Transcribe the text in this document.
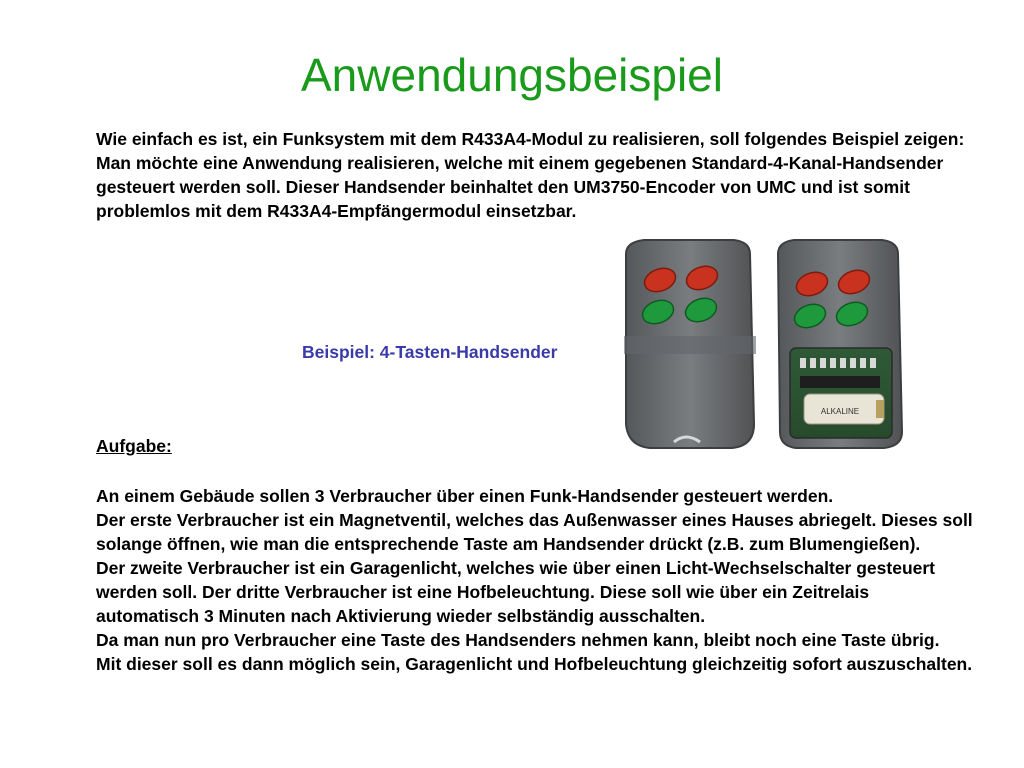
Anwendungsbeispiel

Wie einfach es ist, ein Funksystem mit dem R433A4-Modul zu realisieren, soll folgendes Beispiel zeigen:

Man möchte eine Anwendung realisieren, welche mit einem gegebenen Standard-4-Kanal-Handsender gesteuert werden soll. Dieser Handsender beinhaltet den UM3750-Encoder von UMC und ist somit problemlos mit dem R433A4-Empfängermodul einsetzbar.

Beispiel: 4-Tasten-Handsender

ALKALINE

Aufgabe:

An einem Gebäude sollen 3 Verbraucher über einen Funk-Handsender gesteuert werden.

Der erste Verbraucher ist ein Magnetventil, welches das Außenwasser eines Hauses abriegelt. Dieses soll solange öffnen, wie man die entsprechende Taste am Handsender drückt (z.B. zum Blumengießen).

Der zweite Verbraucher ist ein Garagenlicht, welches wie über einen Licht-Wechselschalter gesteuert werden soll. Der dritte Verbraucher ist eine Hofbeleuchtung. Diese soll wie über ein Zeitrelais automatisch 3 Minuten nach Aktivierung wieder selbständig ausschalten.

Da man nun pro Verbraucher eine Taste des Handsenders nehmen kann, bleibt noch eine Taste übrig.

Mit dieser soll es dann möglich sein, Garagenlicht und Hofbeleuchtung gleichzeitig sofort auszuschalten.
